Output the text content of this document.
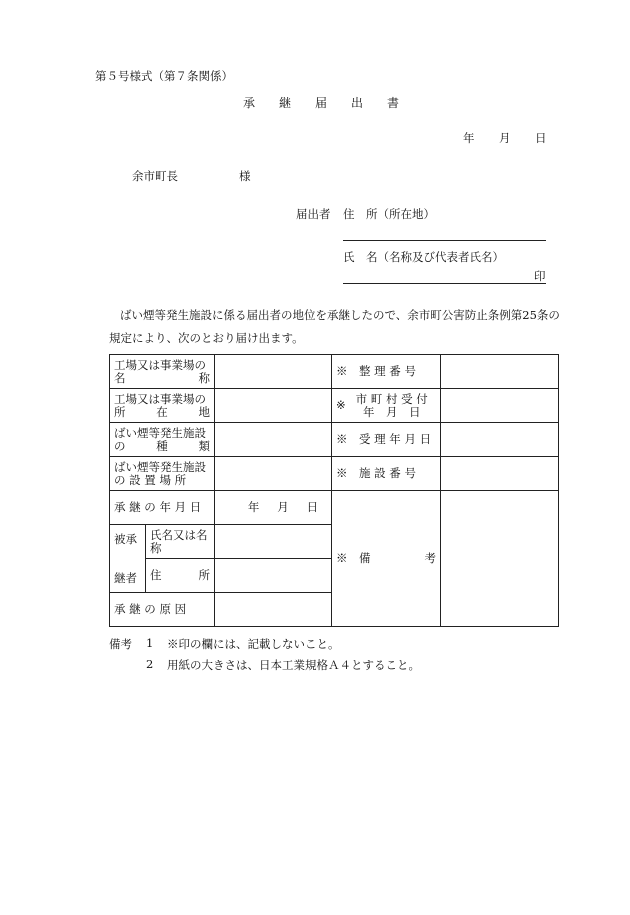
第５号様式（第７条関係）
承　　継　　届　　出　　書
年 月 日
余市町長	様
届出者 住　所（所在地）
氏　名（名称及び代表者氏名）
印
ばい煙等発生施設に係る届出者の地位を承継したので、余市町公害防止条例第25条の
規定により、次のとおり届け出ます。
工場又は事業場の
名 称			※　整 理 番 号	

工場又は事業場の
所 在 地			※ 市 町 村 受 付
年　月　日	

ばい煙等発生施設
の 種 類			※　受 理 年 月 日	

ばい煙等発生施設
の 設 置 場 所			※　施 設 番 号	
承 継 の 年 月 日		年 月 日	※　備 考	

被承
継者	氏名又は名称			

	住 所			

承 継 の 原 因				
備考 1 ※印の欄には、記載しないこと。
2 用紙の大きさは、日本工業規格Ａ４とすること。
